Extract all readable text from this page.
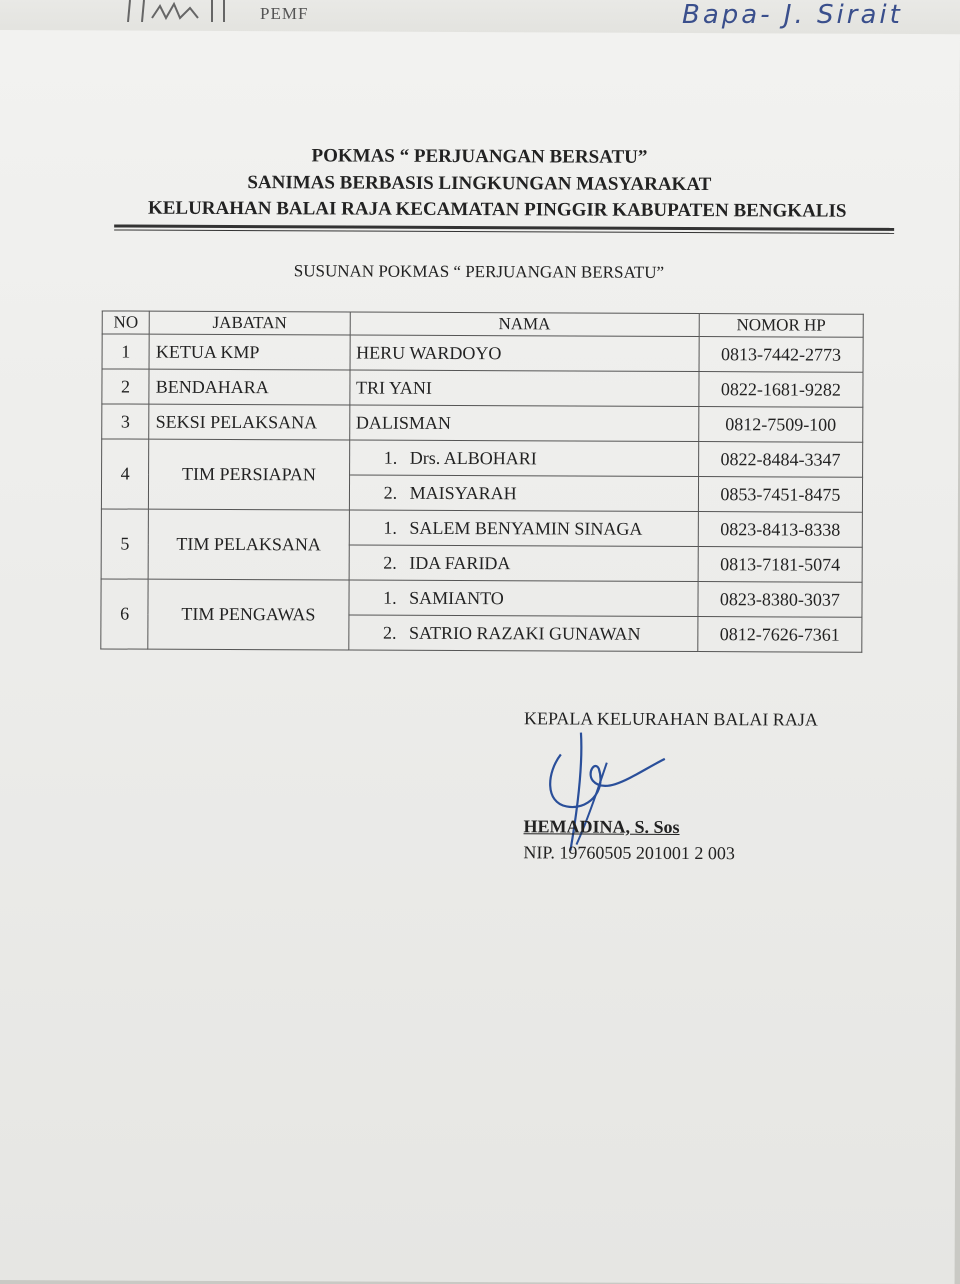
PEMF	Bapa- J. Sirait
POKMAS “ PERJUANGAN BERSATU”
SANIMAS BERBASIS LINGKUNGAN MASYARAKAT
KELURAHAN BALAI RAJA KECAMATAN PINGGIR KABUPATEN BENGKALIS
SUSUNAN POKMAS “ PERJUANGAN BERSATU”
NO	JABATAN	NAMA	NOMOR HP
1	KETUA KMP	HERU WARDOYO	0813-7442-2773
2	BENDAHARA	TRI YANI	0822-1681-9282
3	SEKSI PELAKSANA	DALISMAN	0812-7509-100
4	TIM PERSIAPAN	1. Drs. ALBOHARI	0822-8484-3347
		2. MAISYARAH	0853-7451-8475
5	TIM PELAKSANA	1. SALEM BENYAMIN SINAGA	0823-8413-8338
		2. IDA FARIDA	0813-7181-5074
6	TIM PENGAWAS	1. SAMIANTO	0823-8380-3037
		2. SATRIO RAZAKI GUNAWAN	0812-7626-7361
KEPALA KELURAHAN BALAI RAJA
HEMADINA, S. Sos
NIP. 19760505 201001 2 003
